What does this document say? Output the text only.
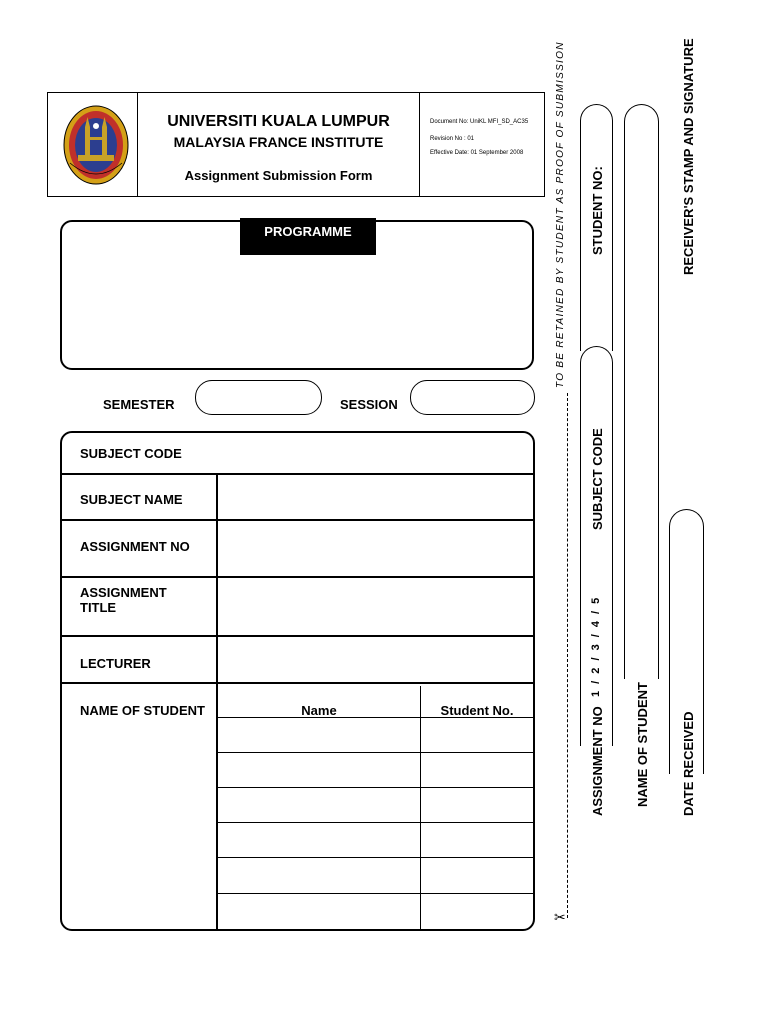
UNIVERSITI KUALA LUMPUR
MALAYSIA FRANCE INSTITUTE
Assignment Submission Form
Document No: UniKL MFI_SD_AC35
Revision No : 01
Effective Date: 01 September 2008
PROGRAMME
SEMESTER	SESSION
SUBJECT CODE
SUBJECT NAME
ASSIGNMENT NO
ASSIGNMENT
TITLE
LECTURER
NAME OF STUDENT	Name	Student No.
✂
TO BE RETAINED BY STUDENT AS PROOF OF SUBMISSION STUDENT NO:
SUBJECT CODE
ASSIGNMENT NO
1 / 2 / 3 / 4 / 5
NAME OF STUDENT
RECEIVER'S STAMP AND SIGNATURE
DATE RECEIVED
